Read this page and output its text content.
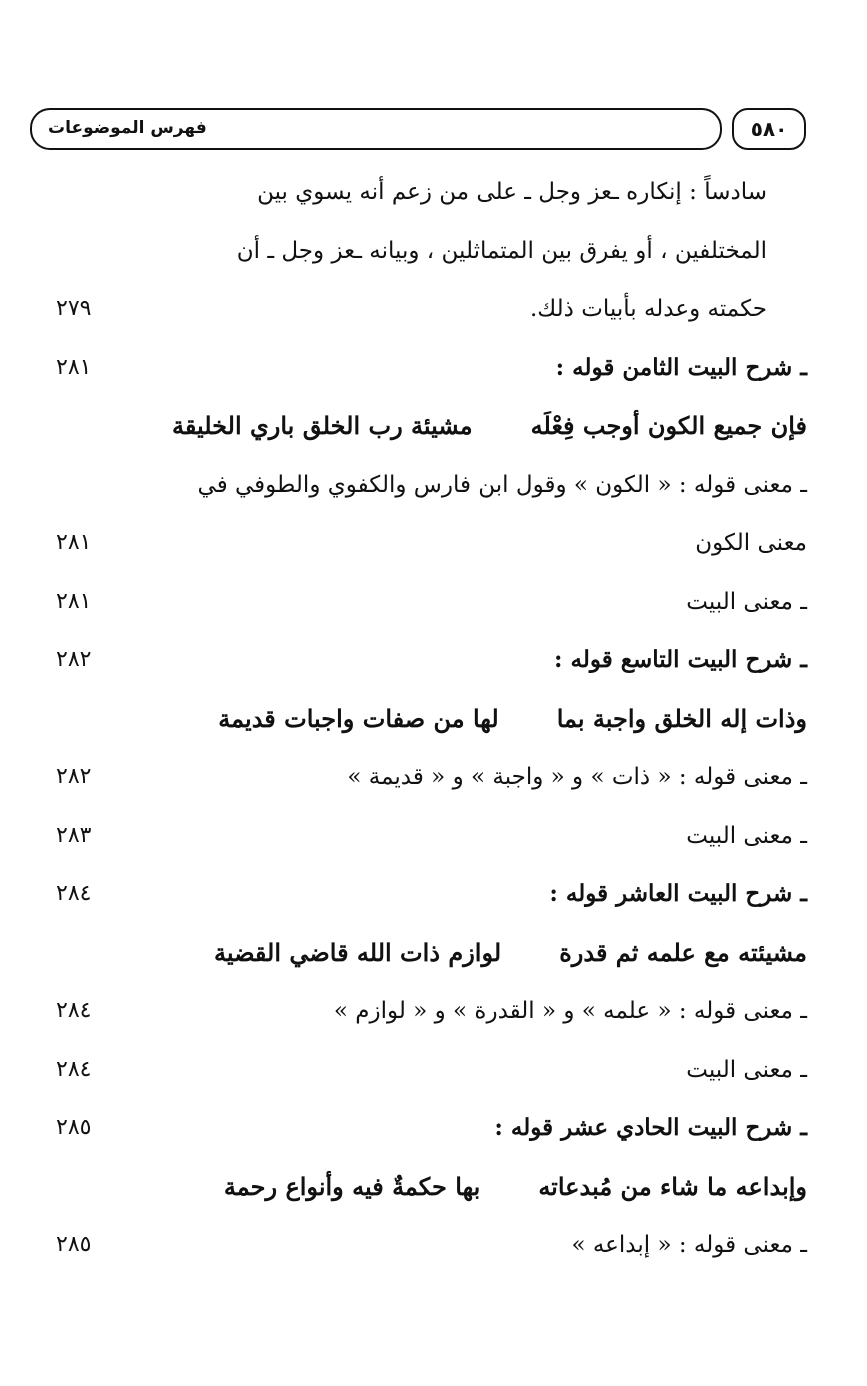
فهرس الموضوعات	٥٨٠
سادساً : إنكاره ـعز وجل ـ على من زعم أنه يسوي بين
المختلفين ، أو يفرق بين المتماثلين ، وبيانه ـعز وجل ـ أن
حكمته وعدله بأبيات ذلك.
٢٧٩
ـ شرح البيت الثامن قوله :
٢٨١
فإن جميع الكون أوجب فِعْلَهمشيئة رب الخلق باري الخليقة
ـ معنى قوله : « الكون » وقول ابن فارس والكفوي والطوفي في
معنى الكون
٢٨١
ـ معنى البيت
٢٨١
ـ شرح البيت التاسع قوله :
٢٨٢
وذات إله الخلق واجبة بمالها من صفات واجبات قديمة
ـ معنى قوله : « ذات » و « واجبة » و « قديمة »
٢٨٢
ـ معنى البيت
٢٨٣
ـ شرح البيت العاشر قوله :
٢٨٤
مشيئته مع علمه ثم قدرةلوازم ذات الله قاضي القضية
ـ معنى قوله : « علمه » و « القدرة » و « لوازم »
٢٨٤
ـ معنى البيت
٢٨٤
ـ شرح البيت الحادي عشر قوله :
٢٨٥
وإبداعه ما شاء من مُبدعاتهبها حكمةٌ فيه وأنواع رحمة
ـ معنى قوله : « إبداعه »
٢٨٥
